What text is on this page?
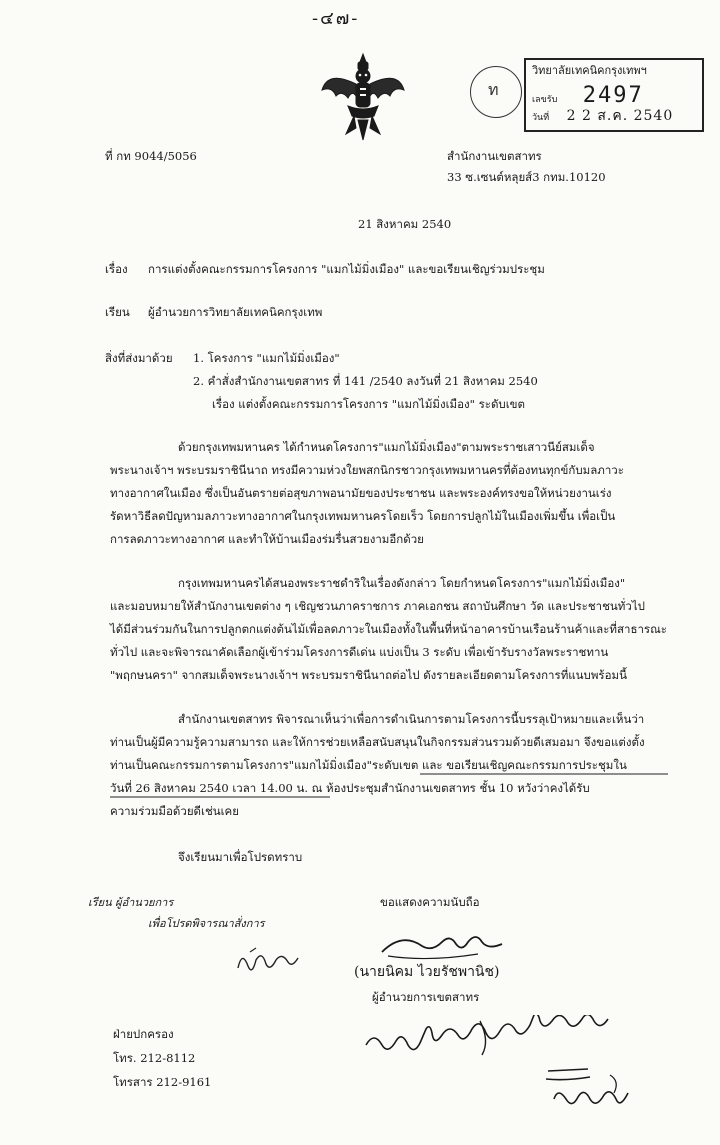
-๔๗-
ท
วิทยาลัยเทคนิคกรุงเทพฯ
เลขรับ 2497
วันที่ 2 2 ส.ค. 2540
ที่ กท 9044/5056	สำนักงานเขตสาทร
33 ซ.เซนต์หลุยส์3 กทม.10120
21 สิงหาคม 2540
เรื่อง การแต่งตั้งคณะกรรมการโครงการ "แมกไม้มิ่งเมือง" และขอเรียนเชิญร่วมประชุม
เรียน ผู้อำนวยการวิทยาลัยเทคนิคกรุงเทพ
สิ่งที่ส่งมาด้วย 1. โครงการ "แมกไม้มิ่งเมือง"
2. คำสั่งสำนักงานเขตสาทร ที่ 141 /2540 ลงวันที่ 21 สิงหาคม 2540
เรื่อง แต่งตั้งคณะกรรมการโครงการ "แมกไม้มิ่งเมือง" ระดับเขต
ด้วยกรุงเทพมหานคร ได้กำหนดโครงการ"แมกไม้มิ่งเมือง"ตามพระราชเสาวนีย์สมเด็จ
พระนางเจ้าฯ พระบรมราชินีนาถ ทรงมีความห่วงใยพสกนิกรชาวกรุงเทพมหานครที่ต้องทนทุกข์กับมลภาวะ
ทางอากาศในเมือง ซึ่งเป็นอันตรายต่อสุขภาพอนามัยของประชาชน และพระองค์ทรงขอให้หน่วยงานเร่ง
รัดหาวิธีลดปัญหามลภาวะทางอากาศในกรุงเทพมหานครโดยเร็ว โดยการปลูกไม้ในเมืองเพิ่มขึ้น เพื่อเป็น
การลดภาวะทางอากาศ และทำให้บ้านเมืองร่มรื่นสวยงามอีกด้วย
กรุงเทพมหานครได้สนองพระราชดำริในเรื่องดังกล่าว โดยกำหนดโครงการ"แมกไม้มิ่งเมือง"
และมอบหมายให้สำนักงานเขตต่าง ๆ เชิญชวนภาคราชการ ภาคเอกชน สถาบันศึกษา วัด และประชาชนทั่วไป
ได้มีส่วนร่วมกันในการปลูกตกแต่งต้นไม้เพื่อลดภาวะในเมืองทั้งในพื้นที่หน้าอาคารบ้านเรือนร้านค้าและที่สาธารณะ
ทั่วไป และจะพิจารณาคัดเลือกผู้เข้าร่วมโครงการดีเด่น แบ่งเป็น 3 ระดับ เพื่อเข้ารับรางวัลพระราชทาน
"พฤกษนครา" จากสมเด็จพระนางเจ้าฯ พระบรมราชินีนาถต่อไป ดังรายละเอียดตามโครงการที่แนบพร้อมนี้
สำนักงานเขตสาทร พิจารณาเห็นว่าเพื่อการดำเนินการตามโครงการนี้บรรลุเป้าหมายและเห็นว่า
ท่านเป็นผู้มีความรู้ความสามารถ และให้การช่วยเหลือสนับสนุนในกิจกรรมส่วนรวมด้วยดีเสมอมา จึงขอแต่งตั้ง
ท่านเป็นคณะกรรมการตามโครงการ"แมกไม้มิ่งเมือง"ระดับเขต และ ขอเรียนเชิญคณะกรรมการประชุมใน
วันที่ 26 สิงหาคม 2540 เวลา 14.00 น. ณ ห้องประชุมสำนักงานเขตสาทร ชั้น 10 หวังว่าคงได้รับ
ความร่วมมือด้วยดีเช่นเคย
จึงเรียนมาเพื่อโปรดทราบ
เรียน ผู้อำนวยการ
เพื่อโปรดพิจารณาสั่งการ
ขอแสดงความนับถือ
(นายนิคม ไวยรัชพานิช)
ผู้อำนวยการเขตสาทร
ฝ่ายปกครอง
โทร. 212-8112
โทรสาร 212-9161
